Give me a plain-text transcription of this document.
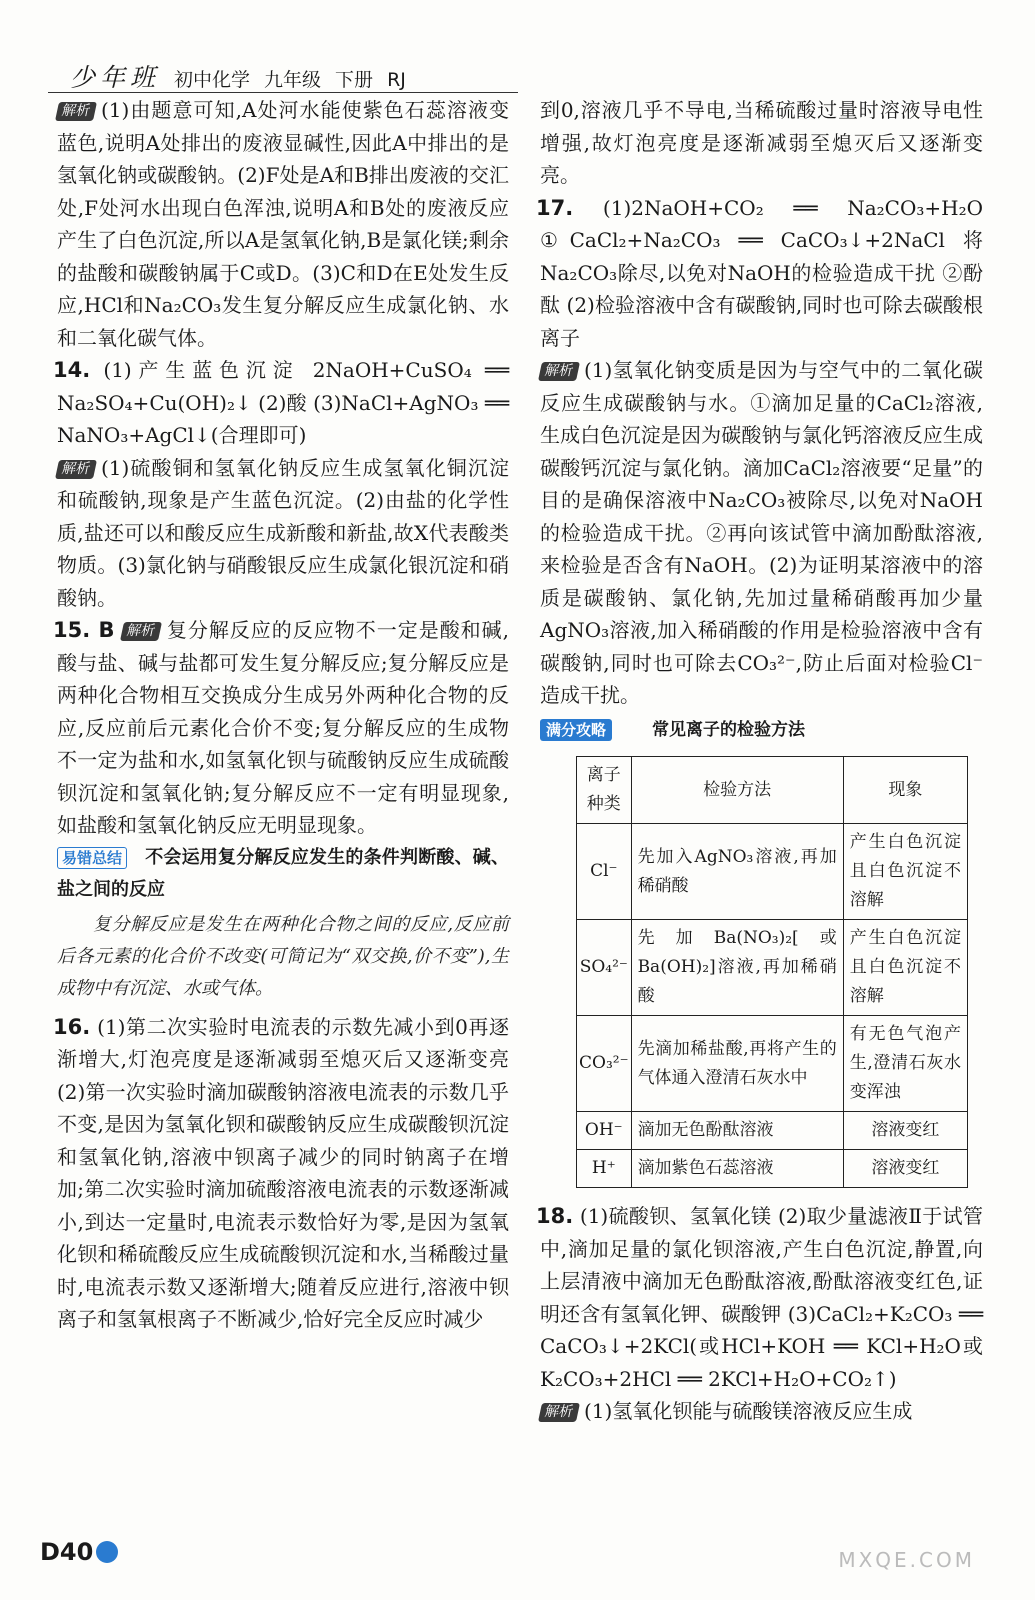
少年班 初中化学 九年级 下册 RJ

解析 (1)由题意可知,A处河水能使紫色石蕊溶液变蓝色,说明A处排出的废液显碱性,因此A中排出的是氢氧化钠或碳酸钠。(2)F处是A和B排出废液的交汇处,F处河水出现白色浑浊,说明A和B处的废液反应产生了白色沉淀,所以A是氢氧化钠,B是氯化镁;剩余的盐酸和碳酸钠属于C或D。(3)C和D在E处发生反应,HCl和Na₂CO₃发生复分解反应生成氯化钠、水和二氧化碳气体。

14. (1)产生蓝色沉淀 2NaOH+CuSO₄ ══ Na₂SO₄+Cu(OH)₂↓ (2)酸 (3)NaCl+AgNO₃ ══ NaNO₃+AgCl↓(合理即可)

解析 (1)硫酸铜和氢氧化钠反应生成氢氧化铜沉淀和硫酸钠,现象是产生蓝色沉淀。(2)由盐的化学性质,盐还可以和酸反应生成新酸和新盐,故X代表酸类物质。(3)氯化钠与硝酸银反应生成氯化银沉淀和硝酸钠。

15. B 解析 复分解反应的反应物不一定是酸和碱,酸与盐、碱与盐都可发生复分解反应;复分解反应是两种化合物相互交换成分生成另外两种化合物的反应,反应前后元素化合价不变;复分解反应的生成物不一定为盐和水,如氢氧化钡与硫酸钠反应生成硫酸钡沉淀和氢氧化钠;复分解反应不一定有明显现象,如盐酸和氢氧化钠反应无明显现象。

易错总结 不会运用复分解反应发生的条件判断酸、碱、盐之间的反应

复分解反应是发生在两种化合物之间的反应,反应前后各元素的化合价不改变(可简记为“双交换,价不变”),生成物中有沉淀、水或气体。

16. (1)第二次实验时电流表的示数先减小到0再逐渐增大,灯泡亮度是逐渐减弱至熄灭后又逐渐变亮 (2)第一次实验时滴加碳酸钠溶液电流表的示数几乎不变,是因为氢氧化钡和碳酸钠反应生成碳酸钡沉淀和氢氧化钠,溶液中钡离子减少的同时钠离子在增加;第二次实验时滴加硫酸溶液电流表的示数逐渐减小,到达一定量时,电流表示数恰好为零,是因为氢氧化钡和稀硫酸反应生成硫酸钡沉淀和水,当稀酸过量时,电流表示数又逐渐增大;随着反应进行,溶液中钡离子和氢氧根离子不断减少,恰好完全反应时减少

到0,溶液几乎不导电,当稀硫酸过量时溶液导电性增强,故灯泡亮度是逐渐减弱至熄灭后又逐渐变亮。

17. (1)2NaOH+CO₂ ══ Na₂CO₃+H₂O ①CaCl₂+Na₂CO₃ ══ CaCO₃↓+2NaCl 将Na₂CO₃除尽,以免对NaOH的检验造成干扰 ②酚酞 (2)检验溶液中含有碳酸钠,同时也可除去碳酸根离子

解析 (1)氢氧化钠变质是因为与空气中的二氧化碳反应生成碳酸钠与水。①滴加足量的CaCl₂溶液,生成白色沉淀是因为碳酸钠与氯化钙溶液反应生成碳酸钙沉淀与氯化钠。滴加CaCl₂溶液要“足量”的目的是确保溶液中Na₂CO₃被除尽,以免对NaOH的检验造成干扰。②再向该试管中滴加酚酞溶液,来检验是否含有NaOH。(2)为证明某溶液中的溶质是碳酸钠、氯化钠,先加过量稀硝酸再加少量AgNO₃溶液,加入稀硝酸的作用是检验溶液中含有碳酸钠,同时也可除去CO₃²⁻,防止后面对检验Cl⁻造成干扰。

满分攻略	常见离子的检验方法

离子种类	检验方法	现象
Cl⁻	先加入AgNO₃溶液,再加稀硝酸	产生白色沉淀且白色沉淀不溶解
SO₄²⁻	先加Ba(NO₃)₂[或Ba(OH)₂]溶液,再加稀硝酸	产生白色沉淀且白色沉淀不溶解
CO₃²⁻	先滴加稀盐酸,再将产生的气体通入澄清石灰水中	有无色气泡产生,澄清石灰水变浑浊
OH⁻	滴加无色酚酞溶液	溶液变红
H⁺	滴加紫色石蕊溶液	溶液变红

18. (1)硫酸钡、氢氧化镁 (2)取少量滤液Ⅱ于试管中,滴加足量的氯化钡溶液,产生白色沉淀,静置,向上层清液中滴加无色酚酞溶液,酚酞溶液变红色,证明还含有氢氧化钾、碳酸钾 (3)CaCl₂+K₂CO₃ ══ CaCO₃↓+2KCl(或HCl+KOH ══ KCl+H₂O或K₂CO₃+2HCl ══ 2KCl+H₂O+CO₂↑)

解析 (1)氢氧化钡能与硫酸镁溶液反应生成

D40	MXQE.COM
